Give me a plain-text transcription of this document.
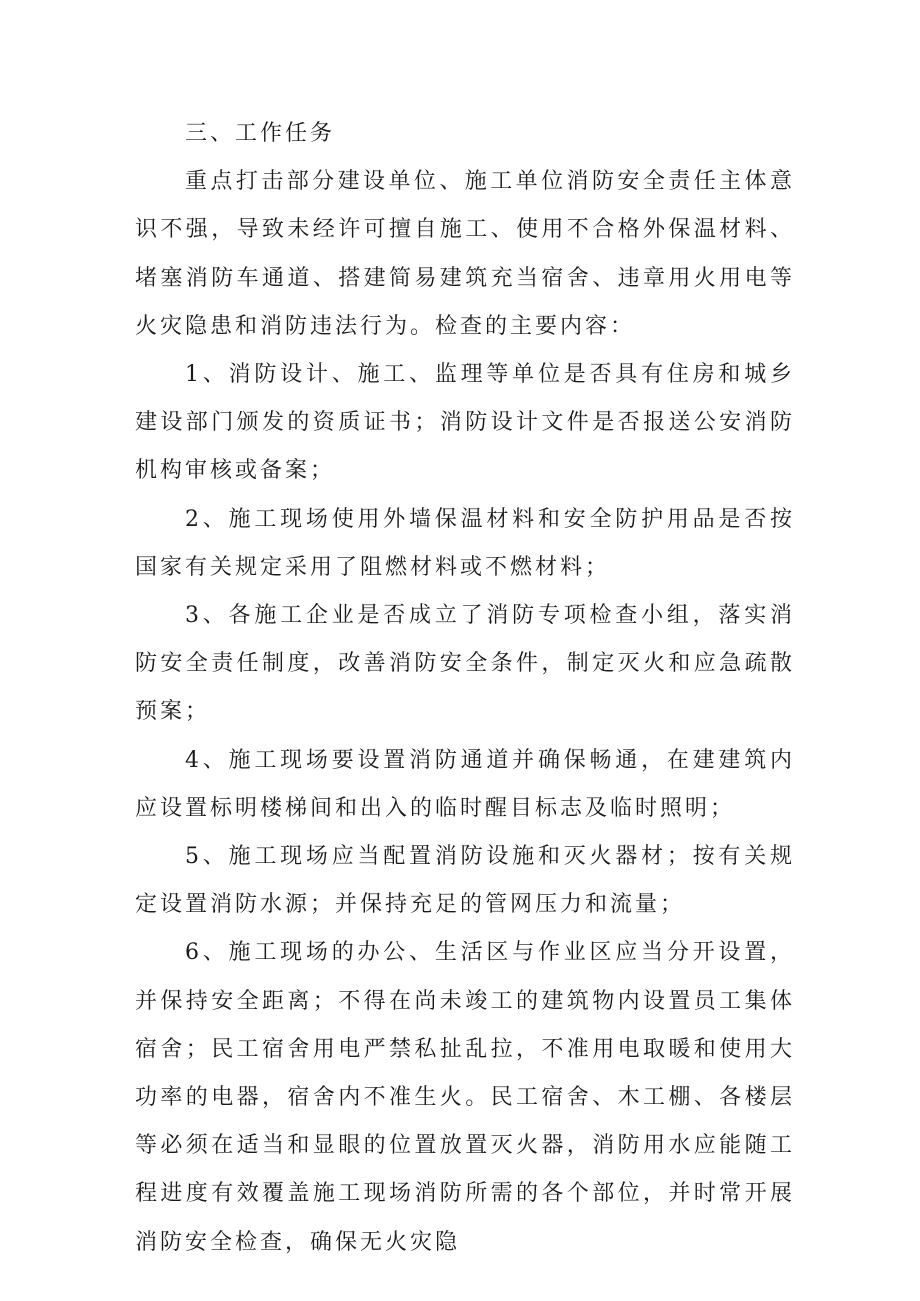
三、工作任务

重点打击部分建设单位、施工单位消防安全责任主体意识不强，导致未经许可擅自施工、使用不合格外保温材料、堵塞消防车通道、搭建简易建筑充当宿舍、违章用火用电等火灾隐患和消防违法行为。检查的主要内容：

1、消防设计、施工、监理等单位是否具有住房和城乡建设部门颁发的资质证书；消防设计文件是否报送公安消防机构审核或备案；

2、施工现场使用外墙保温材料和安全防护用品是否按国家有关规定采用了阻燃材料或不燃材料；

3、各施工企业是否成立了消防专项检查小组，落实消防安全责任制度，改善消防安全条件，制定灭火和应急疏散预案；

4、施工现场要设置消防通道并确保畅通，在建建筑内应设置标明楼梯间和出入的临时醒目标志及临时照明；

5、施工现场应当配置消防设施和灭火器材；按有关规定设置消防水源；并保持充足的管网压力和流量；

6、施工现场的办公、生活区与作业区应当分开设置，并保持安全距离；不得在尚未竣工的建筑物内设置员工集体宿舍；民工宿舍用电严禁私扯乱拉，不准用电取暖和使用大功率的电器，宿舍内不准生火。民工宿舍、木工棚、各楼层等必须在适当和显眼的位置放置灭火器，消防用水应能随工程进度有效覆盖施工现场消防所需的各个部位，并时常开展消防安全检查，确保无火灾隐
